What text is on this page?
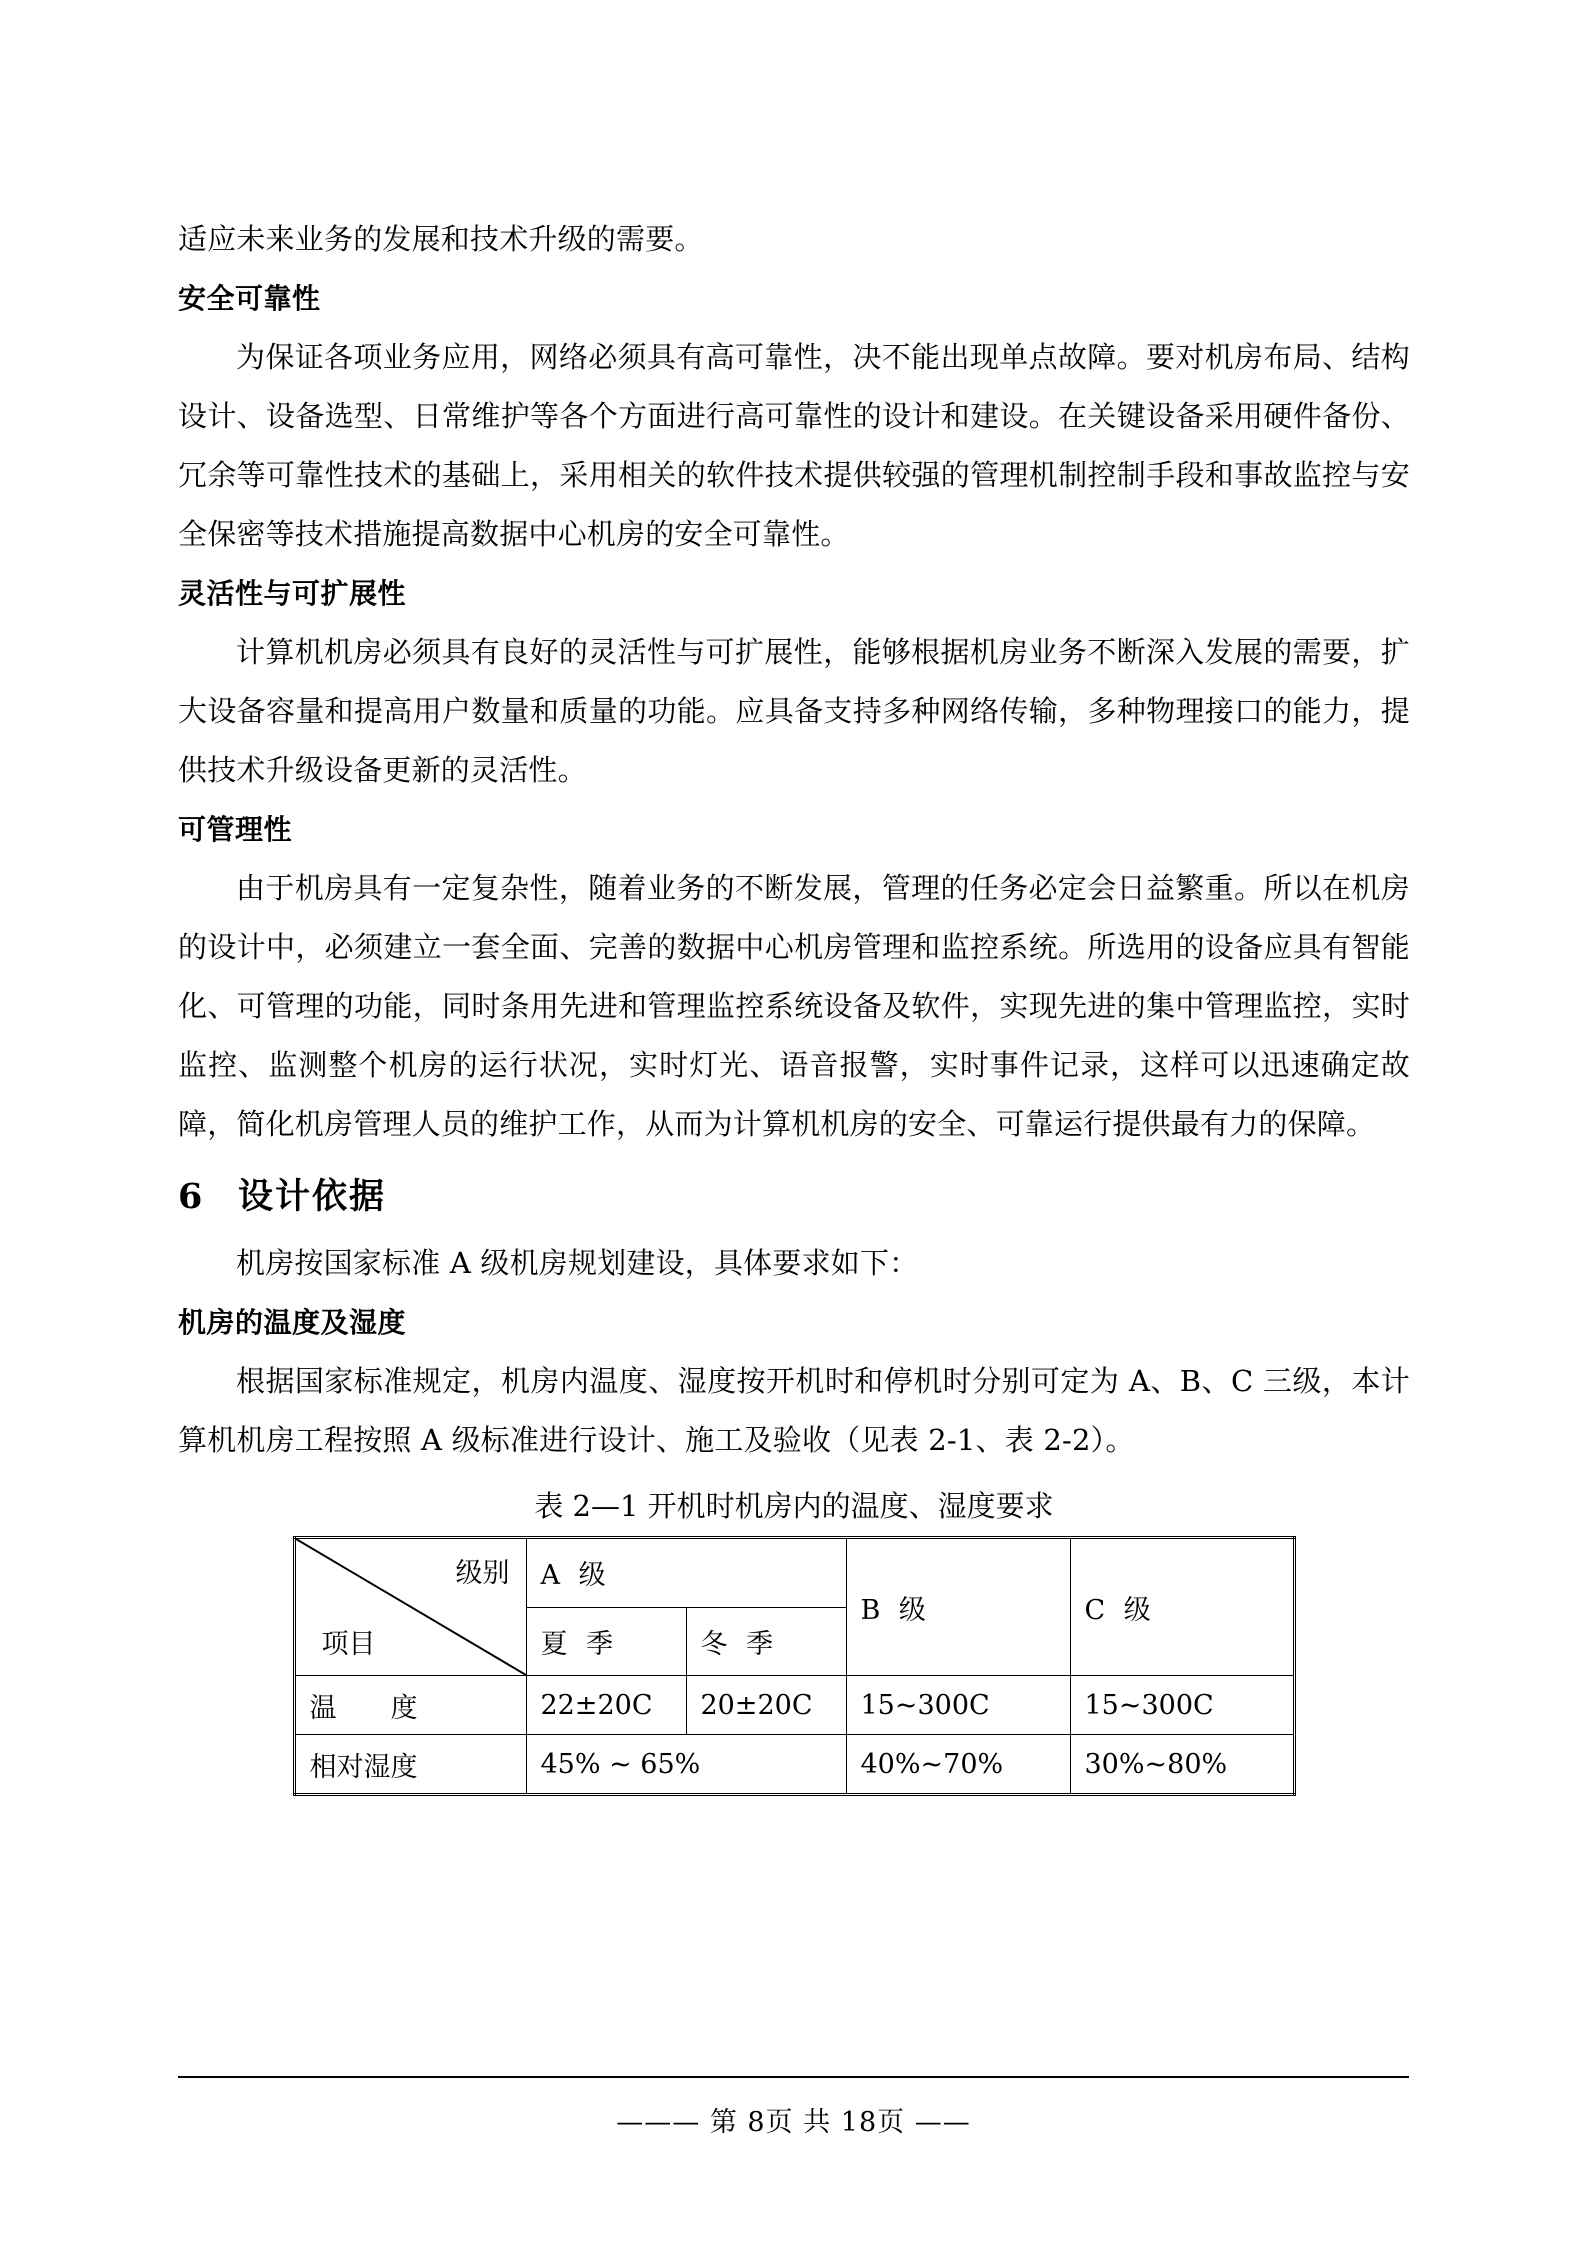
适应未来业务的发展和技术升级的需要。

安全可靠性

为保证各项业务应用，网络必须具有高可靠性，决不能出现单点故障。要对机房布局、结构设计、设备选型、日常维护等各个方面进行高可靠性的设计和建设。在关键设备采用硬件备份、冗余等可靠性技术的基础上，采用相关的软件技术提供较强的管理机制控制手段和事故监控与安全保密等技术措施提高数据中心机房的安全可靠性。

灵活性与可扩展性

计算机机房必须具有良好的灵活性与可扩展性，能够根据机房业务不断深入发展的需要，扩大设备容量和提高用户数量和质量的功能。应具备支持多种网络传输，多种物理接口的能力，提供技术升级设备更新的灵活性。

可管理性

由于机房具有一定复杂性，随着业务的不断发展，管理的任务必定会日益繁重。所以在机房的设计中，必须建立一套全面、完善的数据中心机房管理和监控系统。所选用的设备应具有智能化、可管理的功能，同时条用先进和管理监控系统设备及软件，实现先进的集中管理监控，实时监控、监测整个机房的运行状况，实时灯光、语音报警，实时事件记录，这样可以迅速确定故障，简化机房管理人员的维护工作，从而为计算机机房的安全、可靠运行提供最有力的保障。

6	设计依据

机房按国家标准 A 级机房规划建设，具体要求如下：

机房的温度及湿度

根据国家标准规定，机房内温度、湿度按开机时和停机时分别可定为 A、B、C 三级，本计算机机房工程按照 A 级标准进行设计、施工及验收（见表 2-1、表 2-2）。

表 2—1 开机时机房内的温度、湿度要求
级别
项目	A 级		B 级	C 级
	夏 季	冬 季		
温　　度	22±20C	20±20C	15~300C	15~300C
相对湿度	45% ~ 65%		40%~70%	30%~80%
——— 第 8页 共 18页 ——
